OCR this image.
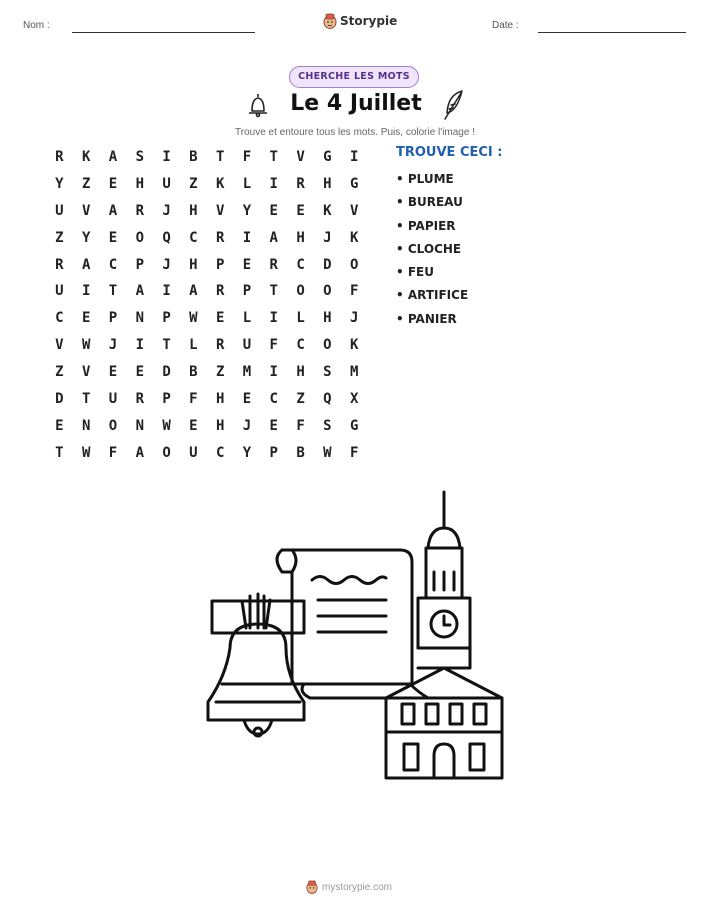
Nom :	Storypie	Date :
CHERCHE LES MOTS
Le 4 Juillet
Trouve et entoure tous les mots. Puis, colorie l'image !
R	K	A	S	I	B	T	F	T	V	G	I
Y	Z	E	H	U	Z	K	L	I	R	H	G
U	V	A	R	J	H	V	Y	E	E	K	V
Z	Y	E	O	Q	C	R	I	A	H	J	K
R	A	C	P	J	H	P	E	R	C	D	O
U	I	T	A	I	A	R	P	T	O	O	F
C	E	P	N	P	W	E	L	I	L	H	J
V	W	J	I	T	L	R	U	F	C	O	K
Z	V	E	E	D	B	Z	M	I	H	S	M
D	T	U	R	P	F	H	E	C	Z	Q	X
E	N	O	N	W	E	H	J	E	F	S	G
T	W	F	A	O	U	C	Y	P	B	W	F
TROUVE CECI :
• PLUME
• BUREAU
• PAPIER
• CLOCHE
• FEU
• ARTIFICE
• PANIER
mystorypie.com
